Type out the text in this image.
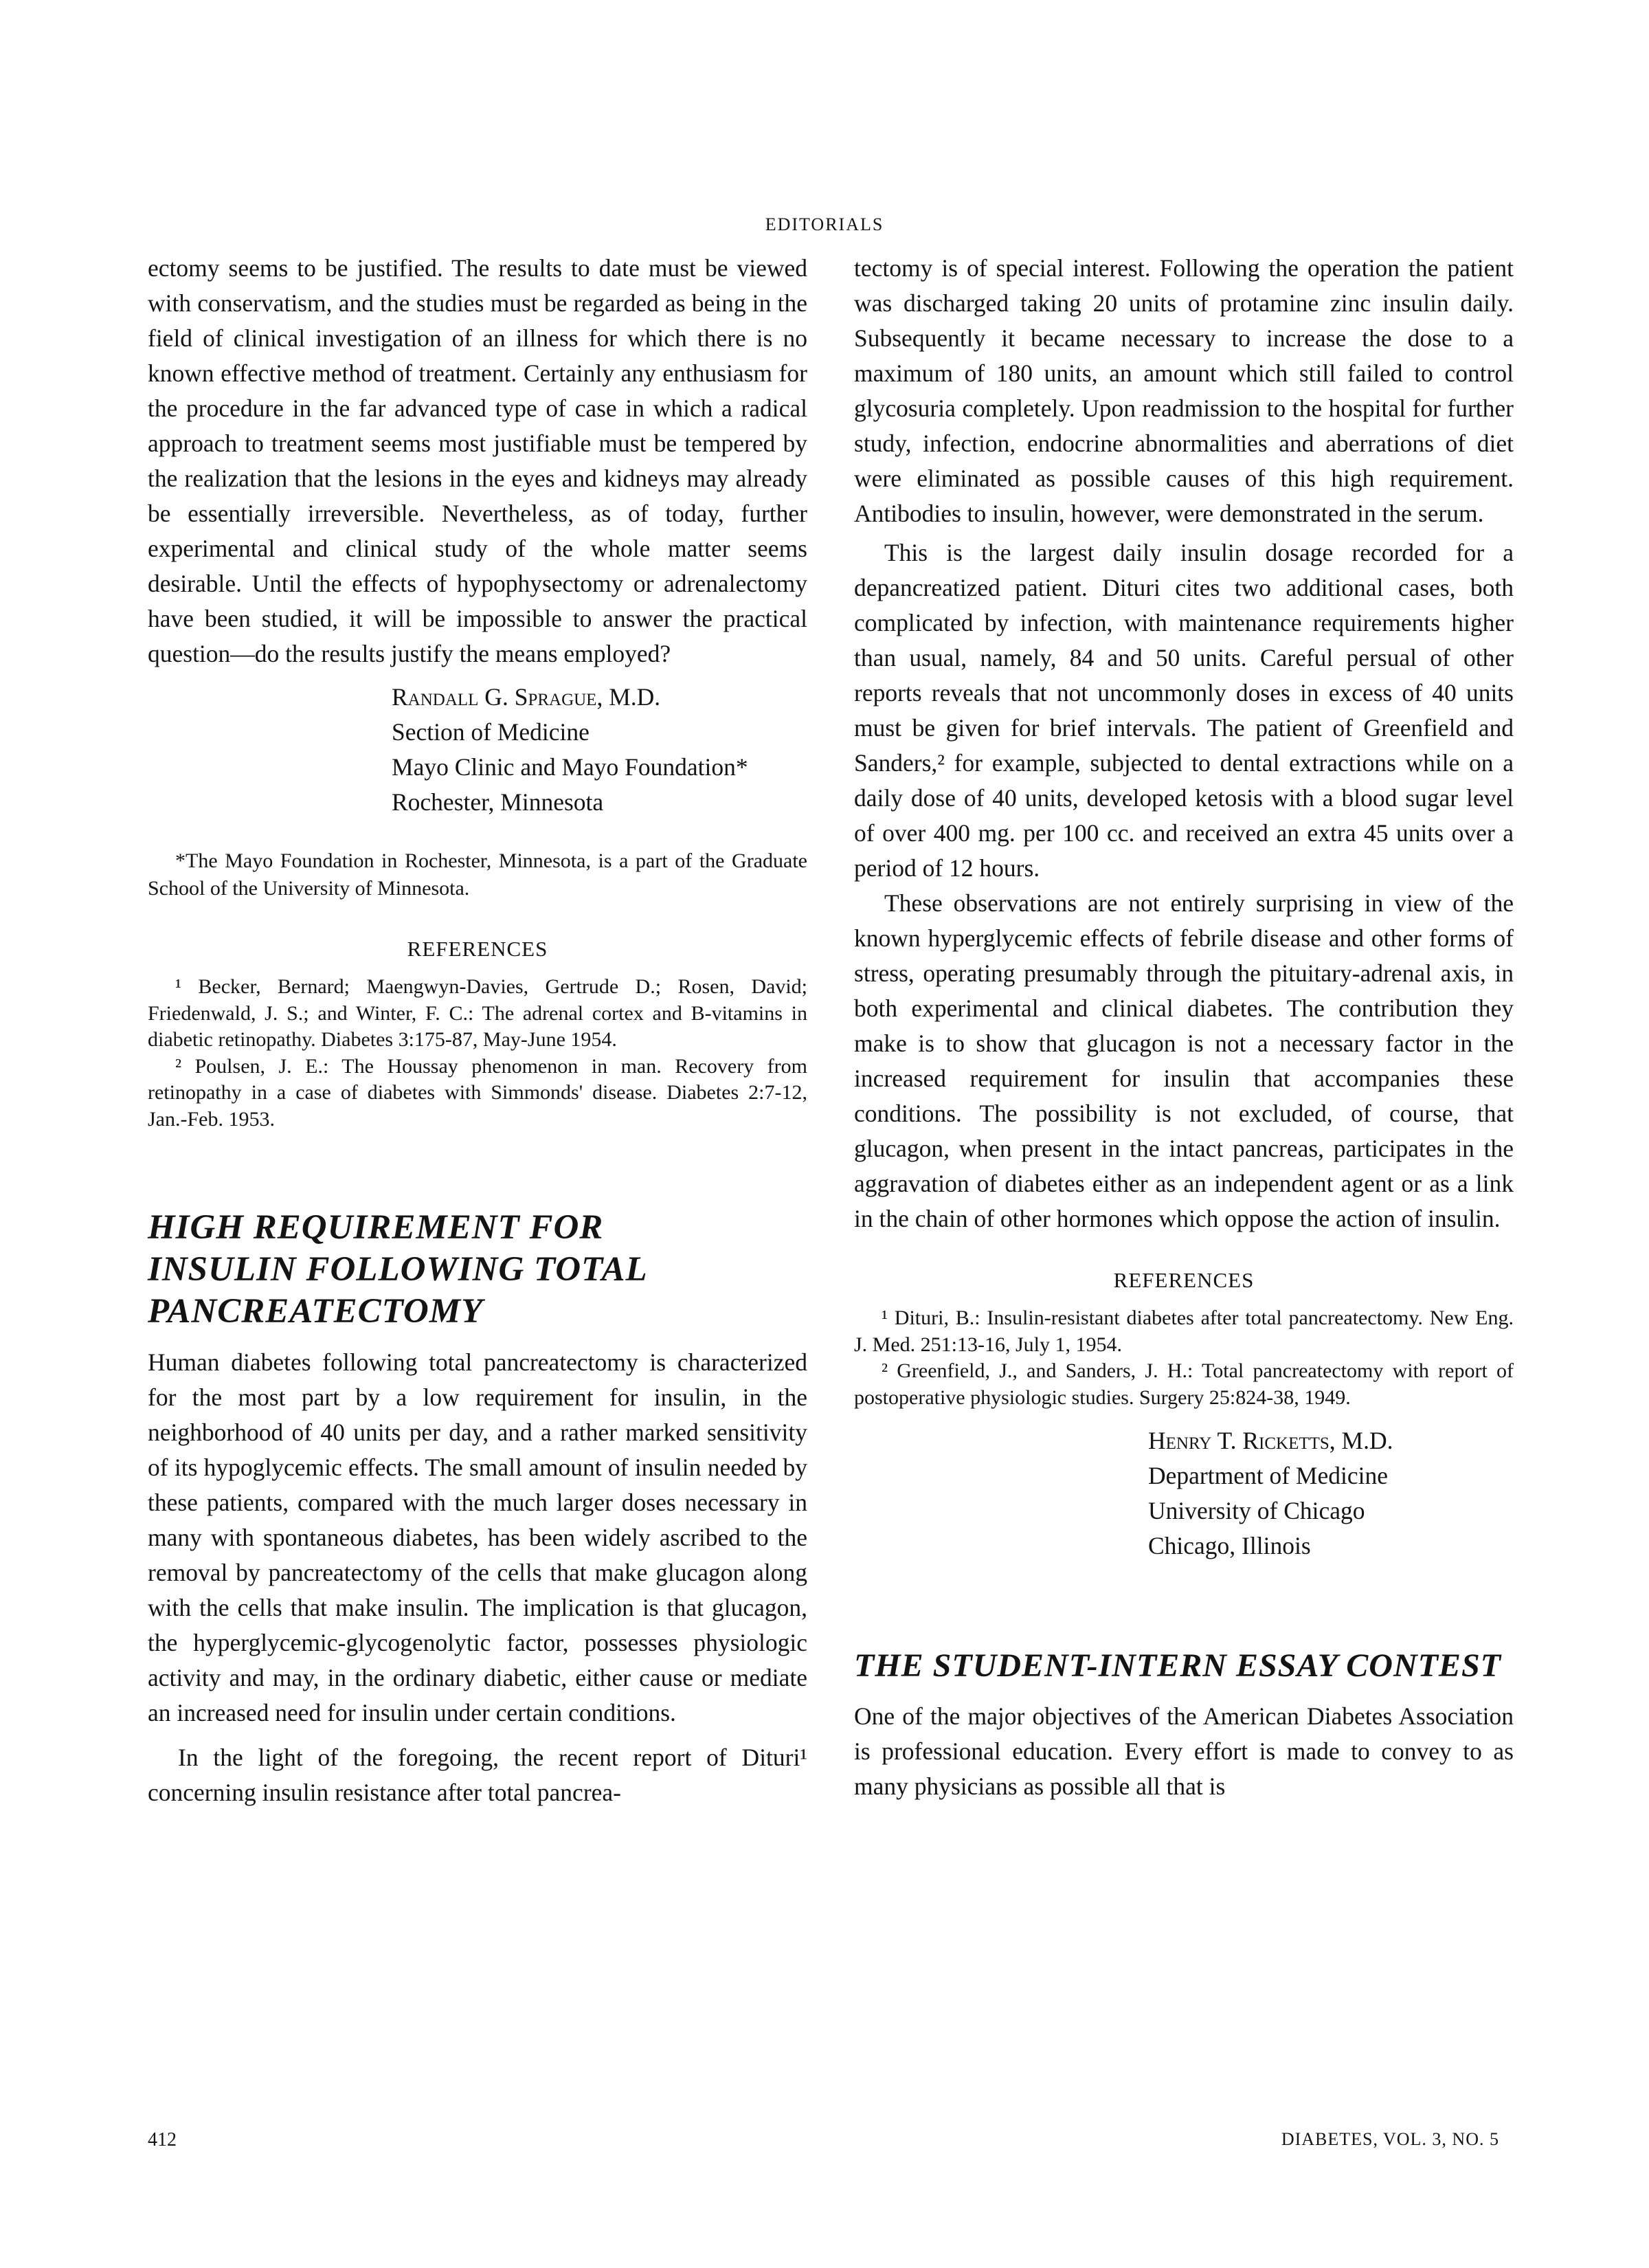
EDITORIALS

ectomy seems to be justified. The results to date must be viewed with conservatism, and the studies must be regarded as being in the field of clinical investigation of an illness for which there is no known effective method of treatment. Certainly any enthusiasm for the procedure in the far advanced type of case in which a radical approach to treatment seems most justifiable must be tempered by the realization that the lesions in the eyes and kidneys may already be essentially irreversible. Nevertheless, as of today, further experimental and clinical study of the whole matter seems desirable. Until the effects of hypophysectomy or adrenalectomy have been studied, it will be impossible to answer the practical question—do the results justify the means employed?

Randall G. Sprague, M.D.
Section of Medicine
Mayo Clinic and Mayo Foundation*
Rochester, Minnesota

*The Mayo Foundation in Rochester, Minnesota, is a part of the Graduate School of the University of Minnesota.

REFERENCES

¹ Becker, Bernard; Maengwyn-Davies, Gertrude D.; Rosen, David; Friedenwald, J. S.; and Winter, F. C.: The adrenal cortex and B-vitamins in diabetic retinopathy. Diabetes 3:175-87, May-June 1954.

² Poulsen, J. E.: The Houssay phenomenon in man. Recovery from retinopathy in a case of diabetes with Simmonds' disease. Diabetes 2:7-12, Jan.-Feb. 1953.

HIGH REQUIREMENT FOR INSULIN FOLLOWING TOTAL PANCREATECTOMY

Human diabetes following total pancreatectomy is characterized for the most part by a low requirement for insulin, in the neighborhood of 40 units per day, and a rather marked sensitivity of its hypoglycemic effects. The small amount of insulin needed by these patients, compared with the much larger doses necessary in many with spontaneous diabetes, has been widely ascribed to the removal by pancreatectomy of the cells that make glucagon along with the cells that make insulin. The implication is that glucagon, the hyperglycemic-glycogenolytic factor, possesses physiologic activity and may, in the ordinary diabetic, either cause or mediate an increased need for insulin under certain conditions.

In the light of the foregoing, the recent report of Dituri¹ concerning insulin resistance after total pancrea-

tectomy is of special interest. Following the operation the patient was discharged taking 20 units of protamine zinc insulin daily. Subsequently it became necessary to increase the dose to a maximum of 180 units, an amount which still failed to control glycosuria completely. Upon readmission to the hospital for further study, infection, endocrine abnormalities and aberrations of diet were eliminated as possible causes of this high requirement. Antibodies to insulin, however, were demonstrated in the serum.

This is the largest daily insulin dosage recorded for a depancreatized patient. Dituri cites two additional cases, both complicated by infection, with maintenance requirements higher than usual, namely, 84 and 50 units. Careful persual of other reports reveals that not uncommonly doses in excess of 40 units must be given for brief intervals. The patient of Greenfield and Sanders,² for example, subjected to dental extractions while on a daily dose of 40 units, developed ketosis with a blood sugar level of over 400 mg. per 100 cc. and received an extra 45 units over a period of 12 hours.

These observations are not entirely surprising in view of the known hyperglycemic effects of febrile disease and other forms of stress, operating presumably through the pituitary-adrenal axis, in both experimental and clinical diabetes. The contribution they make is to show that glucagon is not a necessary factor in the increased requirement for insulin that accompanies these conditions. The possibility is not excluded, of course, that glucagon, when present in the intact pancreas, participates in the aggravation of diabetes either as an independent agent or as a link in the chain of other hormones which oppose the action of insulin.

REFERENCES

¹ Dituri, B.: Insulin-resistant diabetes after total pancreatectomy. New Eng. J. Med. 251:13-16, July 1, 1954.

² Greenfield, J., and Sanders, J. H.: Total pancreatectomy with report of postoperative physiologic studies. Surgery 25:824-38, 1949.

Henry T. Ricketts, M.D.
Department of Medicine
University of Chicago
Chicago, Illinois
THE STUDENT-INTERN ESSAY CONTEST

One of the major objectives of the American Diabetes Association is professional education. Every effort is made to convey to as many physicians as possible all that is

412	DIABETES, VOL. 3, NO. 5
